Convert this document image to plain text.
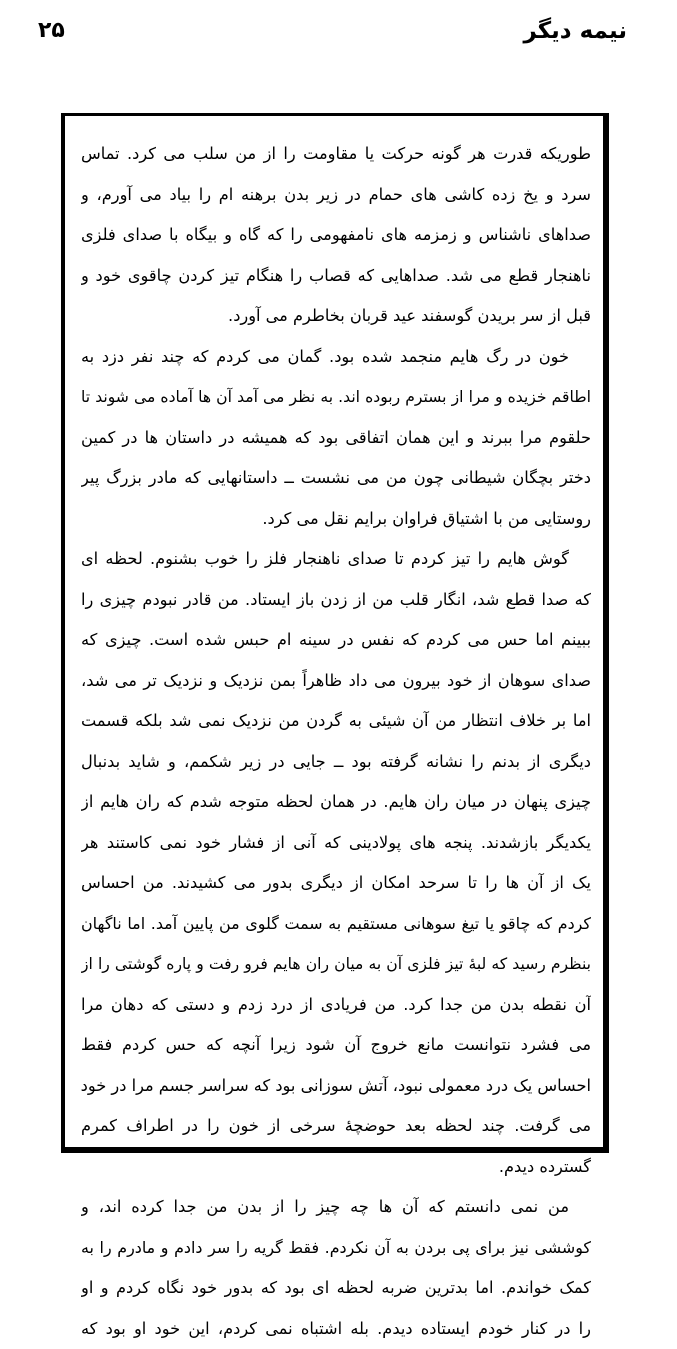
نیمه دیگر
۲۵
طوریکه قدرت هر گونه حرکت یا مقاومت را از من سلب می کرد. تماس
سرد و یخ زده کاشی های حمام در زیر بدن برهنه ام را بیاد می آورم، و
صداهای ناشناس و زمزمه های نامفهومی را که گاه و بیگاه با صدای فلزی
ناهنجار قطع می شد. صداهایی که قصاب را هنگام تیز کردن چاقوی خود و
قبل از سر بریدن گوسفند عید قربان بخاطرم می آورد.
خون در رگ هایم منجمد شده بود. گمان می کردم که چند نفر دزد به
اطاقم خزیده و مرا از بسترم ربوده اند. به نظر می آمد آن ها آماده می شوند تا
حلقوم مرا ببرند و این همان اتفاقی بود که همیشه در داستان ها در کمین
دختر بچگان شیطانی چون من می نشست ــ داستانهایی که مادر بزرگ پیر
روستایی من با اشتیاق فراوان برایم نقل می کرد.
گوش هایم را تیز کردم تا صدای ناهنجار فلز را خوب بشنوم. لحظه ای
که صدا قطع شد، انگار قلب من از زدن باز ایستاد. من قادر نبودم چیزی را
ببینم اما حس می کردم که نفس در سینه ام حبس شده است. چیزی که
صدای سوهان از خود بیرون می داد ظاهراً بمن نزدیک و نزدیک تر می شد،
اما بر خلاف انتظار من آن شیئی به گردن من نزدیک نمی شد بلکه قسمت
دیگری از بدنم را نشانه گرفته بود ــ جایی در زیر شکمم، و شاید بدنبال
چیزی پنهان در میان ران هایم. در همان لحظه متوجه شدم که ران هایم از
یکدیگر بازشدند. پنجه های پولادینی که آنی از فشار خود نمی کاستند هر
یک از آن ها را تا سرحد امکان از دیگری بدور می کشیدند. من احساس
کردم که چاقو یا تیغ سوهانی مستقیم به سمت گلوی من پایین آمد. اما ناگهان
بنظرم رسید که لبهٔ تیز فلزی آن به میان ران هایم فرو رفت و پاره گوشتی را از
آن نقطه بدن من جدا کرد. من فریادی از درد زدم و دستی که دهان مرا
می فشرد نتوانست مانع خروج آن شود زیرا آنچه که حس کردم فقط
احساس یک درد معمولی نبود، آتش سوزانی بود که سراسر جسم مرا در خود
می گرفت. چند لحظه بعد حوضچهٔ سرخی از خون را در اطراف کمرم
گسترده دیدم.
من نمی دانستم که آن ها چه چیز را از بدن من جدا کرده اند، و
کوششی نیز برای پی بردن به آن نکردم. فقط گریه را سر دادم و مادرم را به
کمک خواندم. اما بدترین ضربه لحظه ای بود که بدور خود نگاه کردم و او
را در کنار خودم ایستاده دیدم. بله اشتباه نمی کردم، این خود او بود که
